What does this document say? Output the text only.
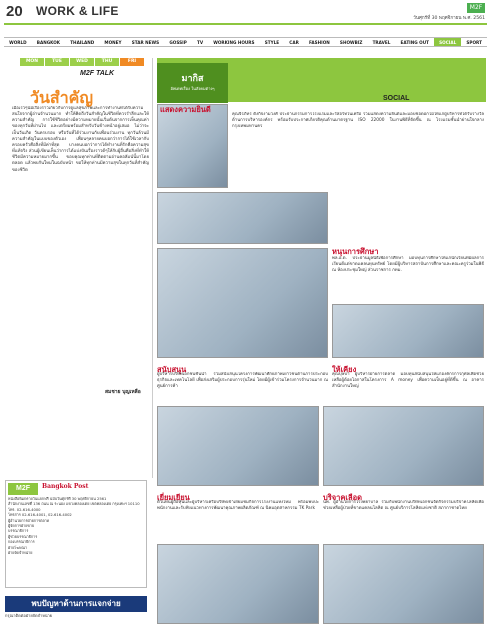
20 WORK & LIFE	M2F
วันศุกร์ที่ 30 พฤศจิกายน พ.ศ. 2561
WORLD	BANGKOK	THAILAND	MONEY	STAR NEWS	GOSSIP	TV	WORKING HOURS	STYLE	CAR	FASHION	SHOWBIZ	TRAVEL	EATING OUT	SOCIAL	SPORT
MON	TUE	WED	THU	FRI
M2F TALK
วันสำคัญ
เมื่อเร็วๆนี้มีเรื่องราวเกี่ยวกับการดูแลสุขภาพและการทำงานที่ได้รับความสนใจจากผู้อ่านจำนวนมาก ทำให้คิดถึงวันสำคัญในชีวิตที่ควรรำลึกและให้ความสำคัญ การใช้ชีวิตอย่างมีความหมายนั้นเริ่มต้นจากการเห็นคุณค่าของทุกวันที่ผ่านไป และเตรียมพร้อมสำหรับวันข้างหน้าอยู่เสมอ ไม่ว่าจะเป็นวันเกิด วันครบรอบ หรือวันที่ได้ร่วมงานกับเพื่อนร่วมงาน ทุกวันล้วนมีความสำคัญในแบบของตัวเอง เพื่อนๆหลายคนบอกว่าการได้ใช้เวลากับครอบครัวคือสิ่งที่มีค่าที่สุด บางคนบอกว่าการได้ทำงานที่รักคือความสุขที่แท้จริง ส่วนผู้เขียนเห็นว่าการได้แบ่งปันเรื่องราวดีๆให้กับผู้อื่นคือสิ่งที่ทำให้ชีวิตมีความหมายมากขึ้น ขอบคุณทุกท่านที่ติดตามอ่านคอลัมน์นี้มาโดยตลอด แล้วพบกันใหม่ในฉบับหน้า ขอให้ทุกท่านมีความสุขในทุกวันที่สำคัญของชีวิต
สมชาย บุญเหลือ
มากิส
อัพเดทเรื่อง ในสังคมต่างๆ
SOCIAL
แสดงความยินดี
คุณจิรภัทร ตั้งกิจงามวงศ์ ประธานกรรมการโรงแรมและรีสอร์ทในเครือ ร่วมแสดงความยินดีและมอบช่อดอกไม้ให้แก่ผู้บริหารที่ได้รับรางวัลด้านการบริหารองค์กร พร้อมรับประกาศเกียรติคุณด้านมาตรฐาน ISO 22000 ในงานพิธีที่จัดขึ้น ณ โรงแรมชั้นนำย่านใจกลางกรุงเทพมหานคร
หนุนการศึกษา
พล.อ.ต. ประธานมูลนิธิเพื่อการศึกษา มอบทุนการศึกษาให้แก่นักเรียนที่มีผลการเรียนดีแต่ขาดแคลนทุนทรัพย์ โดยมีผู้บริหารสถาบันการศึกษาและคณะครูร่วมในพิธี ณ ห้องประชุมใหญ่ ส่วนราชการ กทม.
สนับสนุน
ผู้บริหารบริษัทเอกชนชั้นนำ ร่วมสนับสนุนโครงการพัฒนาศักยภาพเยาวชนด้านการประกอบธุรกิจและเทคโนโลยี เพื่อส่งเสริมผู้ประกอบการรุ่นใหม่ โดยมีผู้เข้าร่วมโครงการจำนวนมาก ณ ศูนย์การค้า
ให้เคียง
คุณบุษบา ผู้บริหารฝ่ายการตลาด มอบทุนสนับสนุนให้แก่องค์กรการกุศลเพื่อช่วยเหลือผู้ด้อยโอกาสในโครงการ A money เพื่อความเป็นอยู่ที่ดีขึ้น ณ อาคารสำนักงานใหญ่
เยี่ยมเยียน
ตัวแทนผู้ถือหุ้นและผู้บริหารเครือบริษัทเข้าเยี่ยมชมกิจการโรงงานแห่งใหม่ พร้อมพบปะพนักงานและรับฟังแนวทางการพัฒนาคุณภาพผลิตภัณฑ์ ณ นิคมอุตสาหกรรม TK Park
บริจาคเลือด
นพ. ผู้อำนวยการโรงพยาบาล ร่วมกับพนักงานบริษัทเอกชนจัดกิจกรรมบริจาคโลหิตเพื่อช่วยเหลือผู้ป่วยที่ขาดแคลนโลหิต ณ ศูนย์บริการโลหิตแห่งชาติ สภากาชาดไทย
M2F	Bangkok Post
หนังสือพิมพ์รายวันแจกฟรี ฉบับวันศุกร์ที่ 30 พฤศจิกายน 2561
สำนักงานเลขที่ 136 ถนน ณ ระนอง แขวงคลองเตย เขตคลองเตย กรุงเทพฯ 10110
โทร. 02-616-4000
โทรสาร 02-616-4001, 02-616-4002
ผู้อำนวยการฝ่ายการตลาด
ผู้จัดการฝ่ายขาย
บรรณาธิการ
ผู้ช่วยบรรณาธิการ
กองบรรณาธิการ
ฝ่ายโฆษณา
ฝ่ายจัดจำหน่าย
พบปัญหาด้านการแจกจ่าย
กรุณาติดต่อฝ่ายจัดจำหน่าย
